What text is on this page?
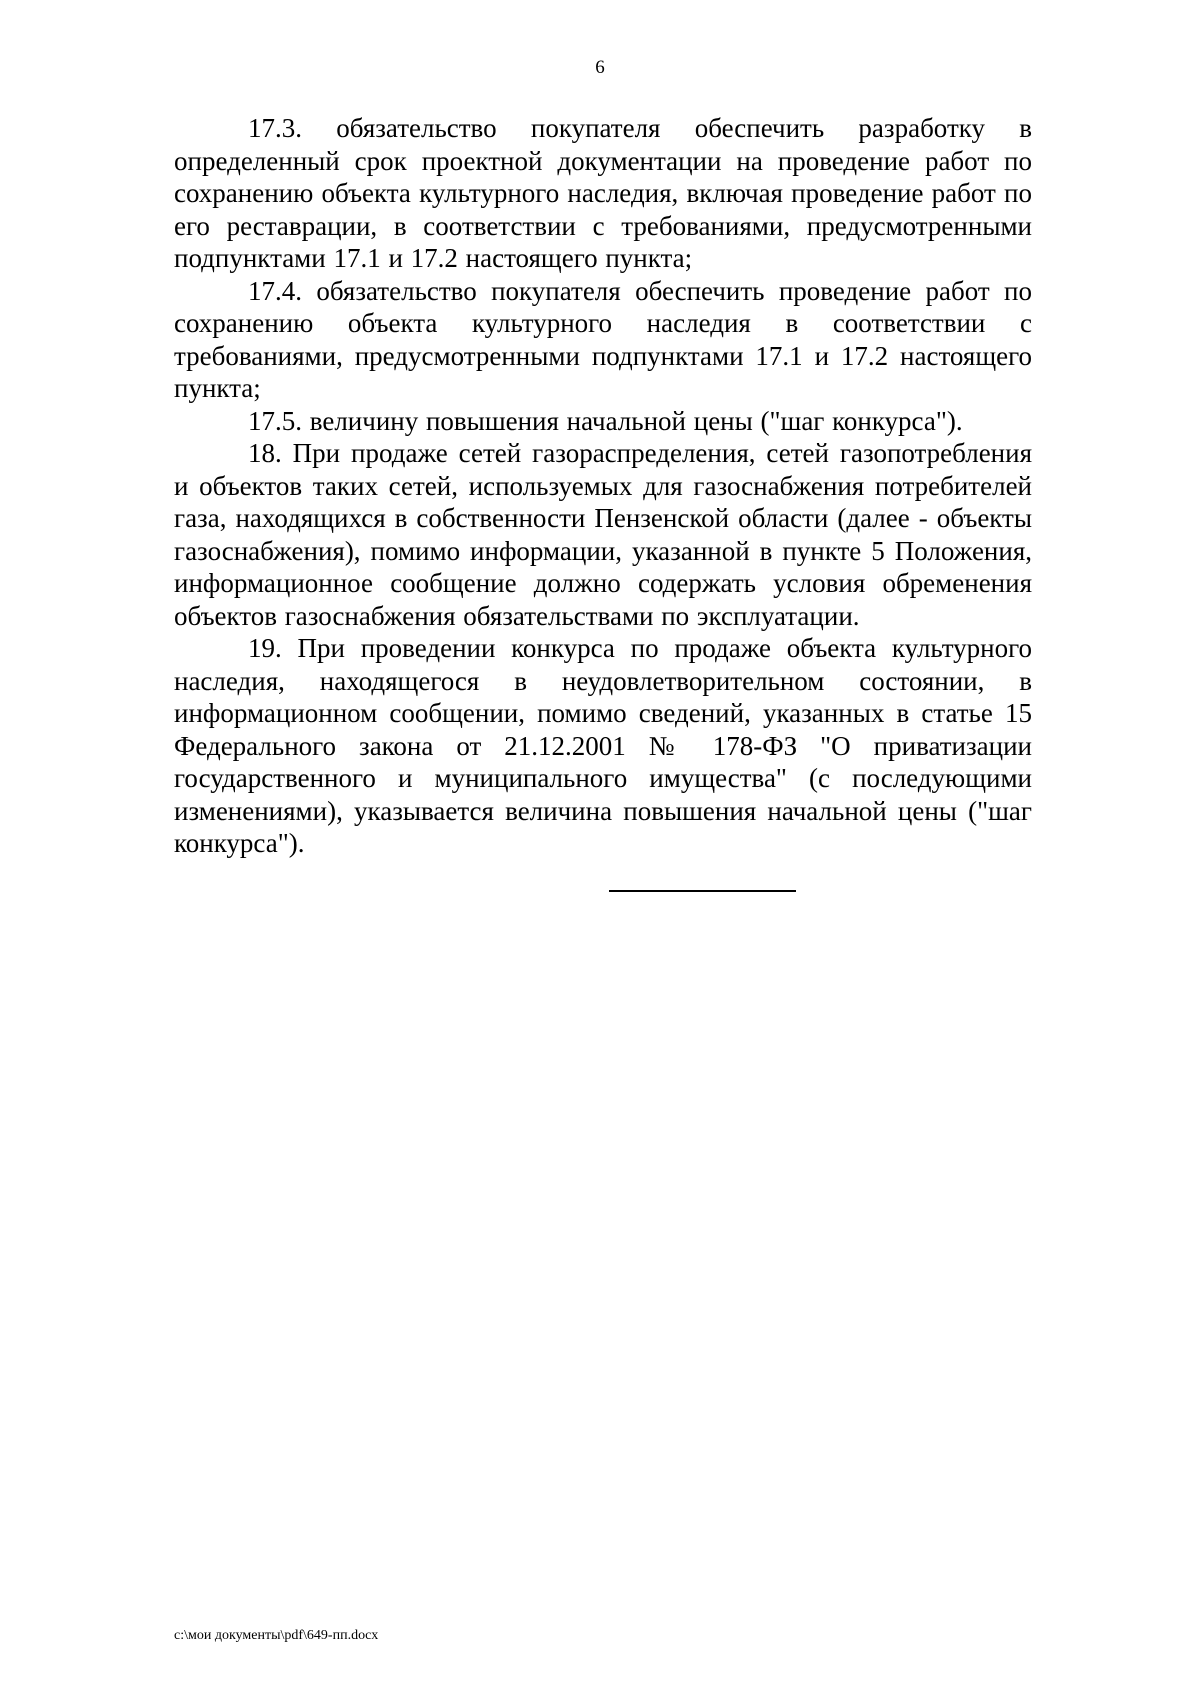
6

17.3. обязательство покупателя обеспечить разработку в определенный срок проектной документации на проведение работ по сохранению объекта культурного наследия, включая проведение работ по его реставрации, в соответствии с требованиями, предусмотренными подпунктами 17.1 и 17.2 настоящего пункта;

17.4. обязательство покупателя обеспечить проведение работ по сохранению объекта культурного наследия в соответствии с требованиями, предусмотренными подпунктами 17.1 и 17.2 настоящего пункта;

17.5. величину повышения начальной цены ("шаг конкурса").

18. При продаже сетей газораспределения, сетей газопотребления и объектов таких сетей, используемых для газоснабжения потребителей газа, находящихся в собственности Пензенской области (далее - объекты газоснабжения), помимо информации, указанной в пункте 5 Положения, информационное сообщение должно содержать условия обременения объектов газоснабжения обязательствами по эксплуатации.

19. При проведении конкурса по продаже объекта культурного наследия, находящегося в неудовлетворительном состоянии, в информационном сообщении, помимо сведений, указанных в статье 15 Федерального закона от 21.12.2001 № 178-ФЗ "О приватизации государственного и муниципального имущества" (с последующими изменениями), указывается величина повышения начальной цены ("шаг конкурса").

c:\мои документы\pdf\649-пп.docx
